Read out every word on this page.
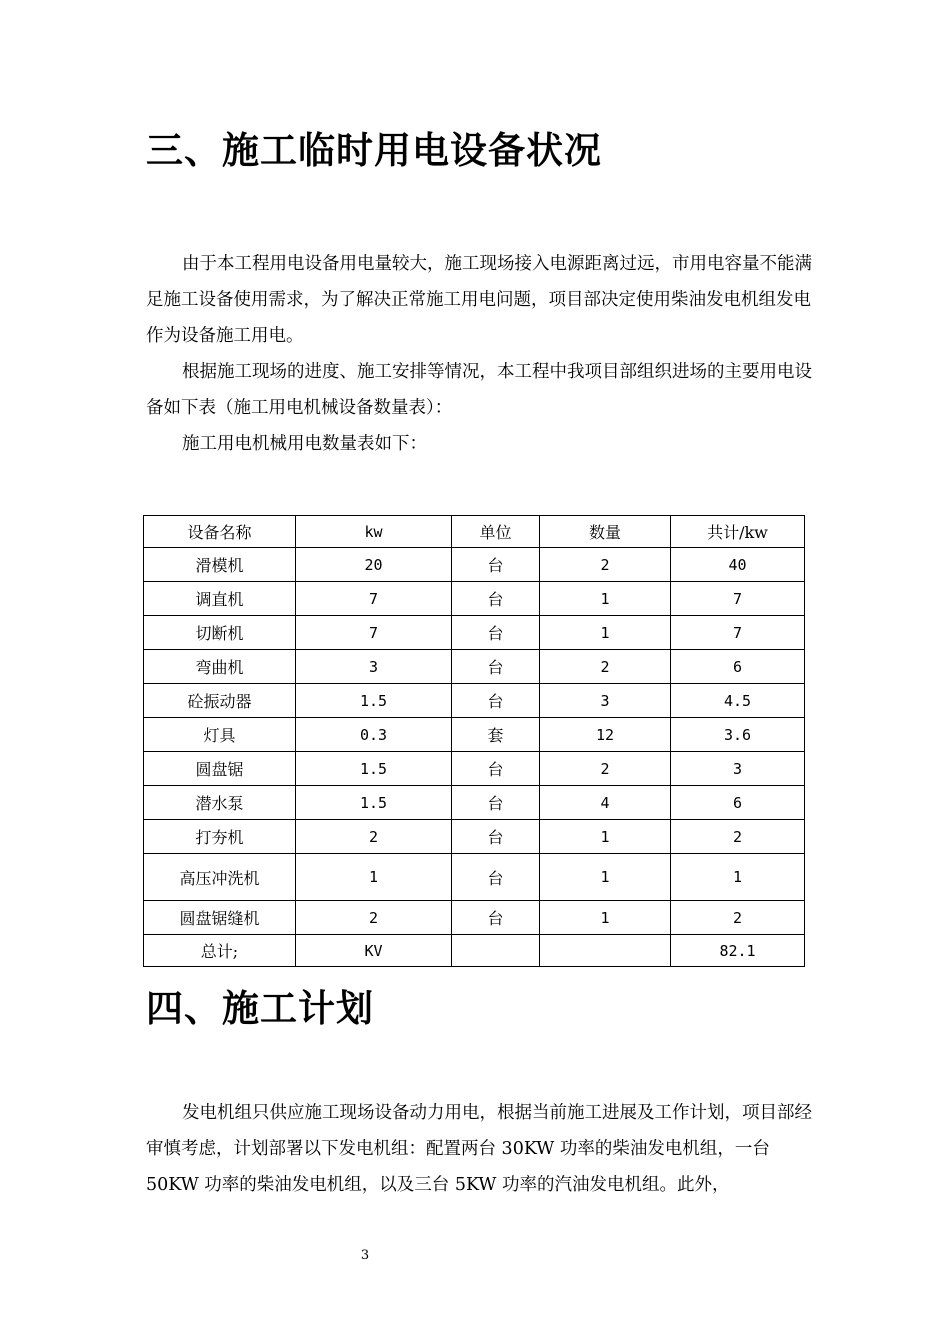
三、施工临时用电设备状况

由于本工程用电设备用电量较大，施工现场接入电源距离过远，市用电容量不能满足施工设备使用需求，为了解决正常施工用电问题，项目部决定使用柴油发电机组发电作为设备施工用电。

根据施工现场的进度、施工安排等情况，本工程中我项目部组织进场的主要用电设备如下表（施工用电机械设备数量表）：

施工用电机械用电数量表如下：

设备名称	kw	单位	数量	共计/kw
滑模机	20	台	2	40
调直机	7	台	1	7
切断机	7	台	1	7
弯曲机	3	台	2	6
砼振动器	1.5	台	3	4.5
灯具	0.3	套	12	3.6
圆盘锯	1.5	台	2	3
潜水泵	1.5	台	4	6
打夯机	2	台	1	2
高压冲洗机	1	台	1	1
圆盘锯缝机	2	台	1	2
总计;	KV			82.1
四、施工计划

发电机组只供应施工现场设备动力用电，根据当前施工进展及工作计划，项目部经审慎考虑，计划部署以下发电机组：配置两台 30KW 功率的柴油发电机组，一台 50KW 功率的柴油发电机组，以及三台 5KW 功率的汽油发电机组。此外，

3
